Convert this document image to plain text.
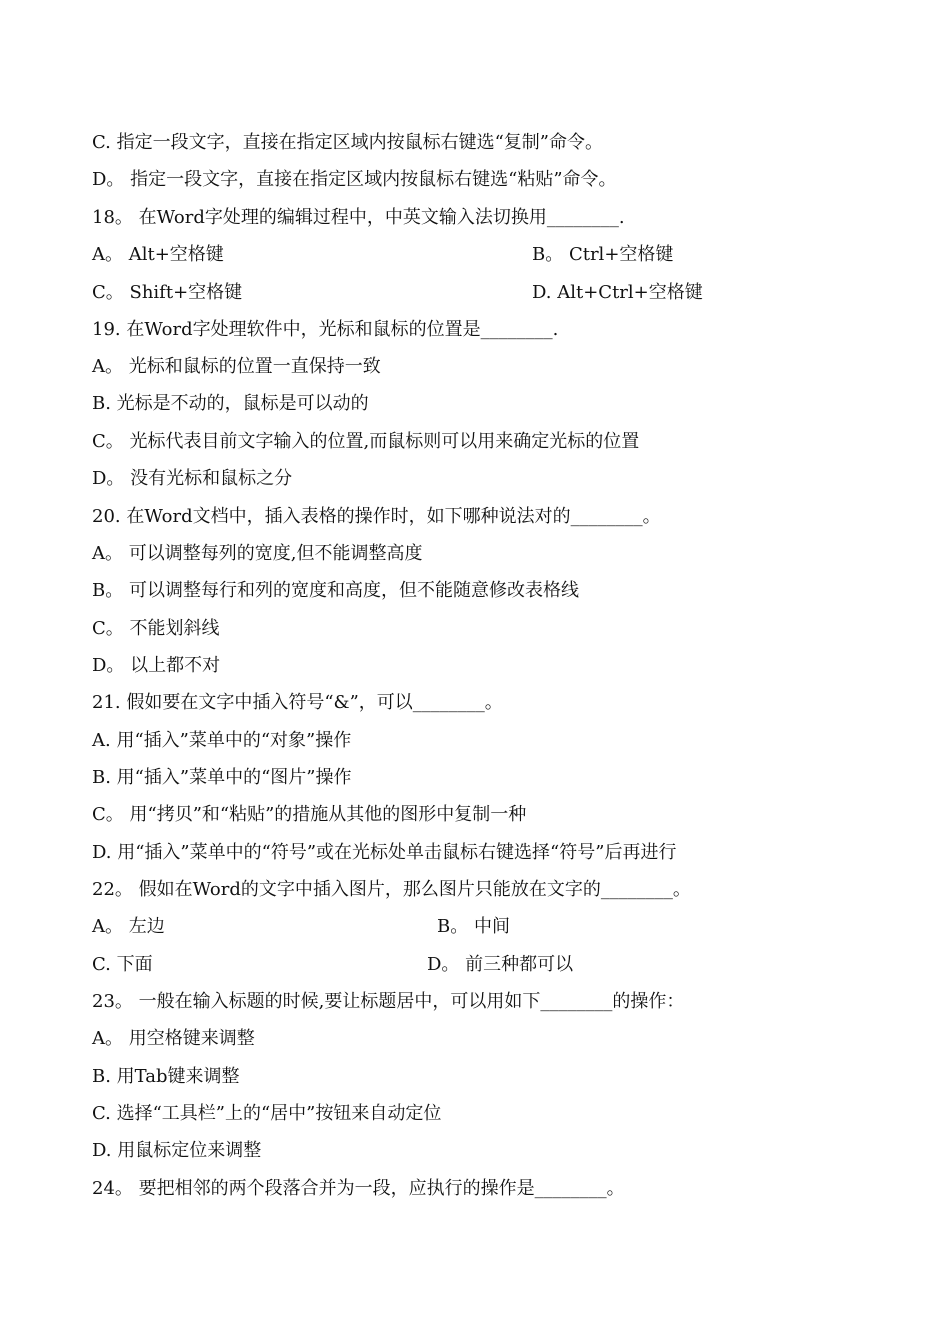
C. 指定一段文字，直接在指定区域内按鼠标右键选“复制”命令。
D。 指定一段文字，直接在指定区域内按鼠标右键选“粘贴”命令。
18。 在Word字处理的编辑过程中，中英文输入法切换用________.
A。 Alt+空格键	B。 Ctrl+空格键
C。 Shift+空格键	D. Alt+Ctrl+空格键
19. 在Word字处理软件中，光标和鼠标的位置是________.
A。 光标和鼠标的位置一直保持一致
B. 光标是不动的，鼠标是可以动的
C。 光标代表目前文字输入的位置,而鼠标则可以用来确定光标的位置
D。 没有光标和鼠标之分
20. 在Word文档中，插入表格的操作时，如下哪种说法对的________。
A。 可以调整每列的宽度,但不能调整高度
B。 可以调整每行和列的宽度和高度，但不能随意修改表格线
C。 不能划斜线
D。 以上都不对
21. 假如要在文字中插入符号“&”，可以________。
A. 用“插入”菜单中的“对象”操作
B. 用“插入”菜单中的“图片”操作
C。 用“拷贝”和“粘贴”的措施从其他的图形中复制一种
D. 用“插入”菜单中的“符号”或在光标处单击鼠标右键选择“符号”后再进行
22。 假如在Word的文字中插入图片，那么图片只能放在文字的________。
A。 左边	B。 中间
C. 下面	D。 前三种都可以
23。 一般在输入标题的时候,要让标题居中，可以用如下________的操作：
A。 用空格键来调整
B. 用Tab键来调整
C. 选择“工具栏”上的“居中”按钮来自动定位
D. 用鼠标定位来调整
24。 要把相邻的两个段落合并为一段，应执行的操作是________。
